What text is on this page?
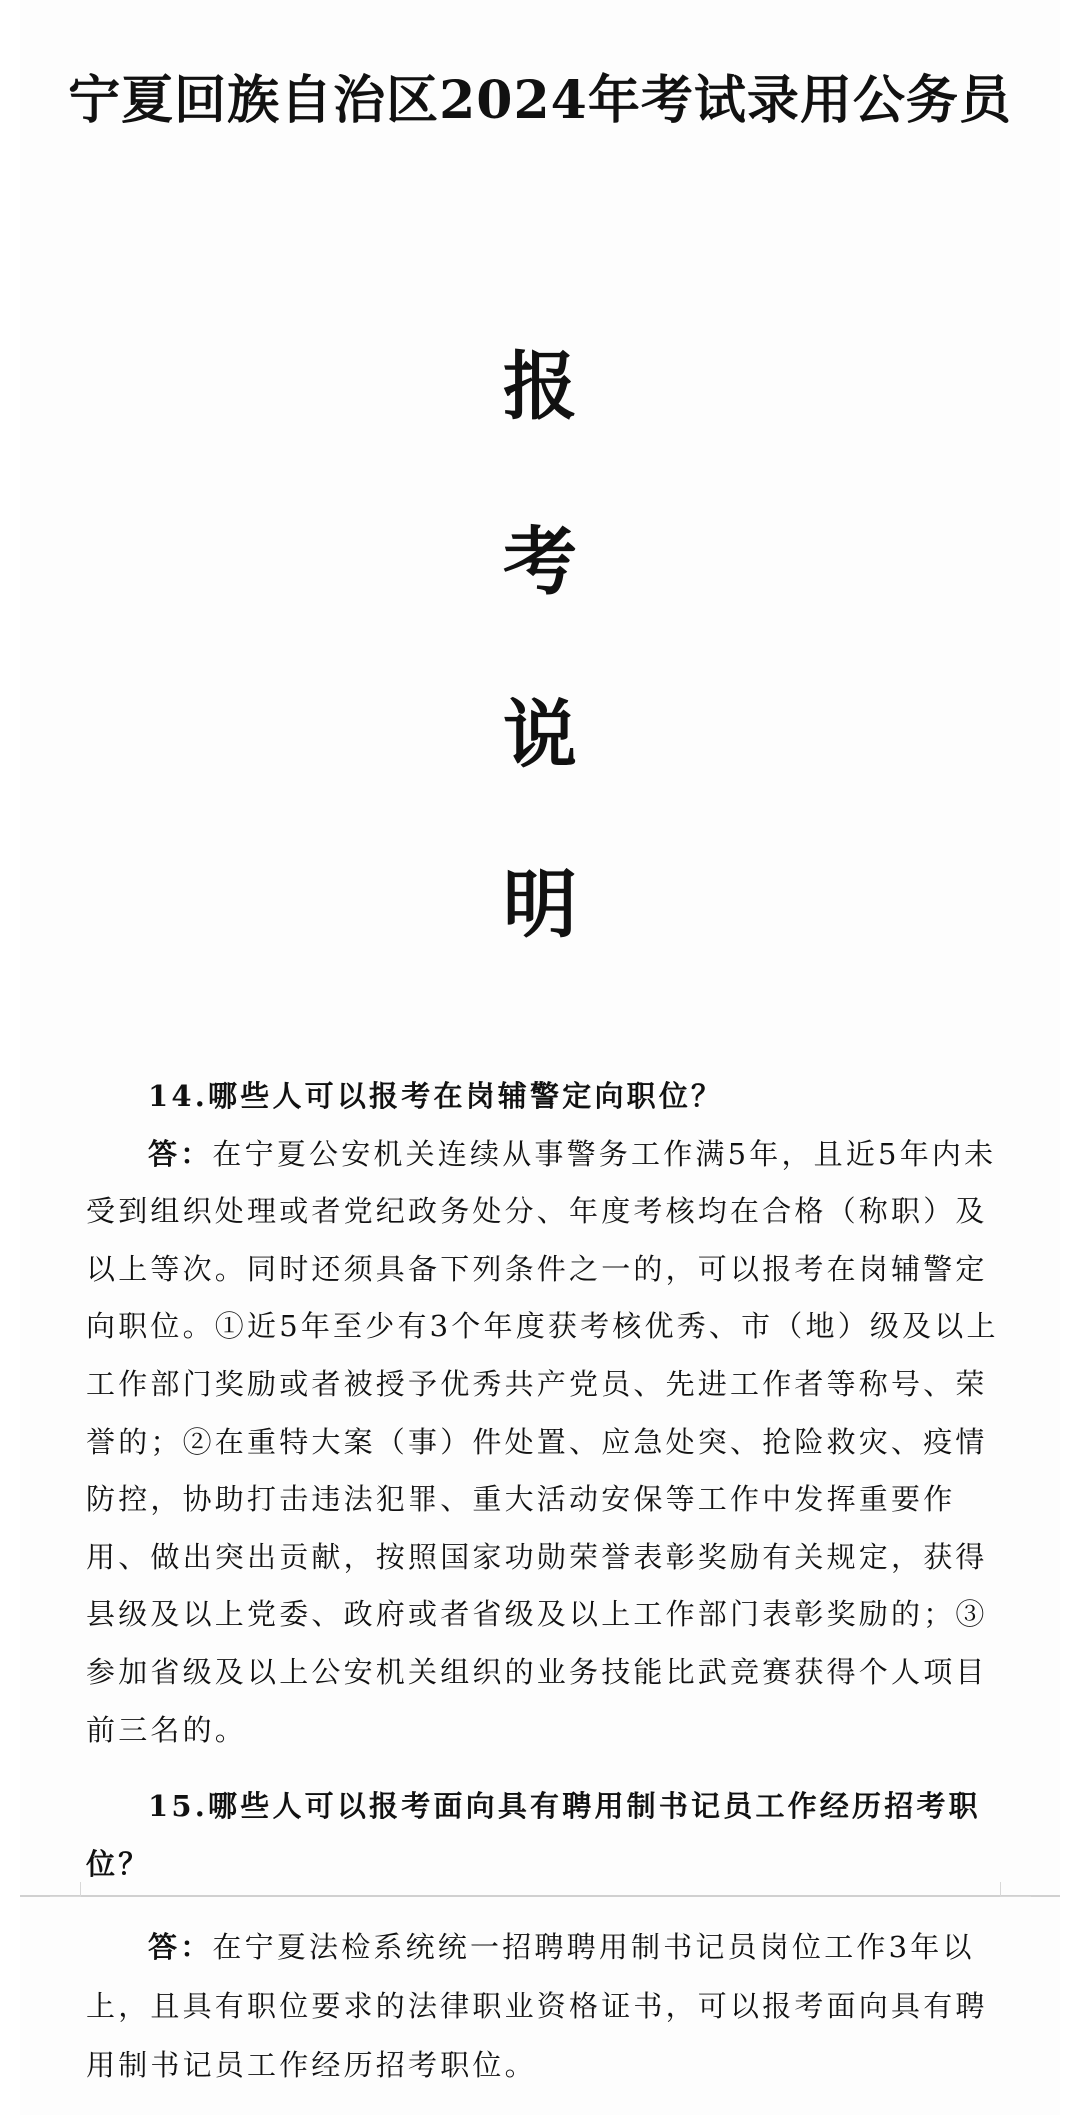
宁夏回族自治区2024年考试录用公务员
报
考
说
明

14.哪些人可以报考在岗辅警定向职位？

答：在宁夏公安机关连续从事警务工作满5年，且近5年内未受到组织处理或者党纪政务处分、年度考核均在合格（称职）及以上等次。同时还须具备下列条件之一的，可以报考在岗辅警定向职位。①近5年至少有3个年度获考核优秀、市（地）级及以上工作部门奖励或者被授予优秀共产党员、先进工作者等称号、荣誉的；②在重特大案（事）件处置、应急处突、抢险救灾、疫情防控，协助打击违法犯罪、重大活动安保等工作中发挥重要作用、做出突出贡献，按照国家功勋荣誉表彰奖励有关规定，获得县级及以上党委、政府或者省级及以上工作部门表彰奖励的；③参加省级及以上公安机关组织的业务技能比武竞赛获得个人项目前三名的。

15.哪些人可以报考面向具有聘用制书记员工作经历招考职位？

答：在宁夏法检系统统一招聘聘用制书记员岗位工作3年以上，且具有职位要求的法律职业资格证书，可以报考面向具有聘用制书记员工作经历招考职位。
